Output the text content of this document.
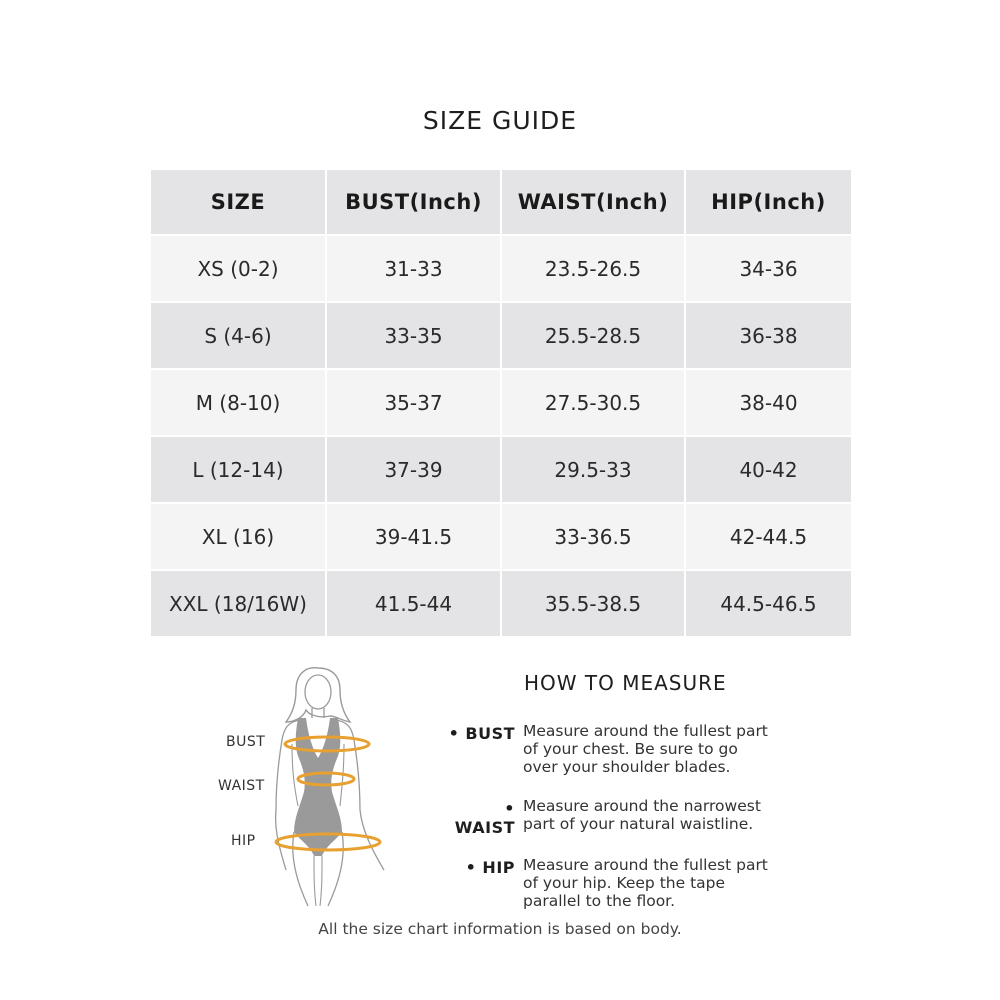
SIZE GUIDE
SIZE	BUST(Inch)	WAIST(Inch)	HIP(Inch)
XS (0-2)	31-33	23.5-26.5	34-36
S (4-6)	33-35	25.5-28.5	36-38
M (8-10)	35-37	27.5-30.5	38-40
L (12-14)	37-39	29.5-33	40-42
XL (16)	39-41.5	33-36.5	42-44.5
XXL (18/16W)	41.5-44	35.5-38.5	44.5-46.5
BUST
WAIST
HIP
HOW TO MEASURE
• BUST Measure around the fullest part
of your chest. Be sure to go
over your shoulder blades.
• WAIST
Measure around the narrowest
part of your natural waistline.
• HIP Measure around the fullest part
of your hip. Keep the tape
parallel to the floor.
All the size chart information is based on body.
